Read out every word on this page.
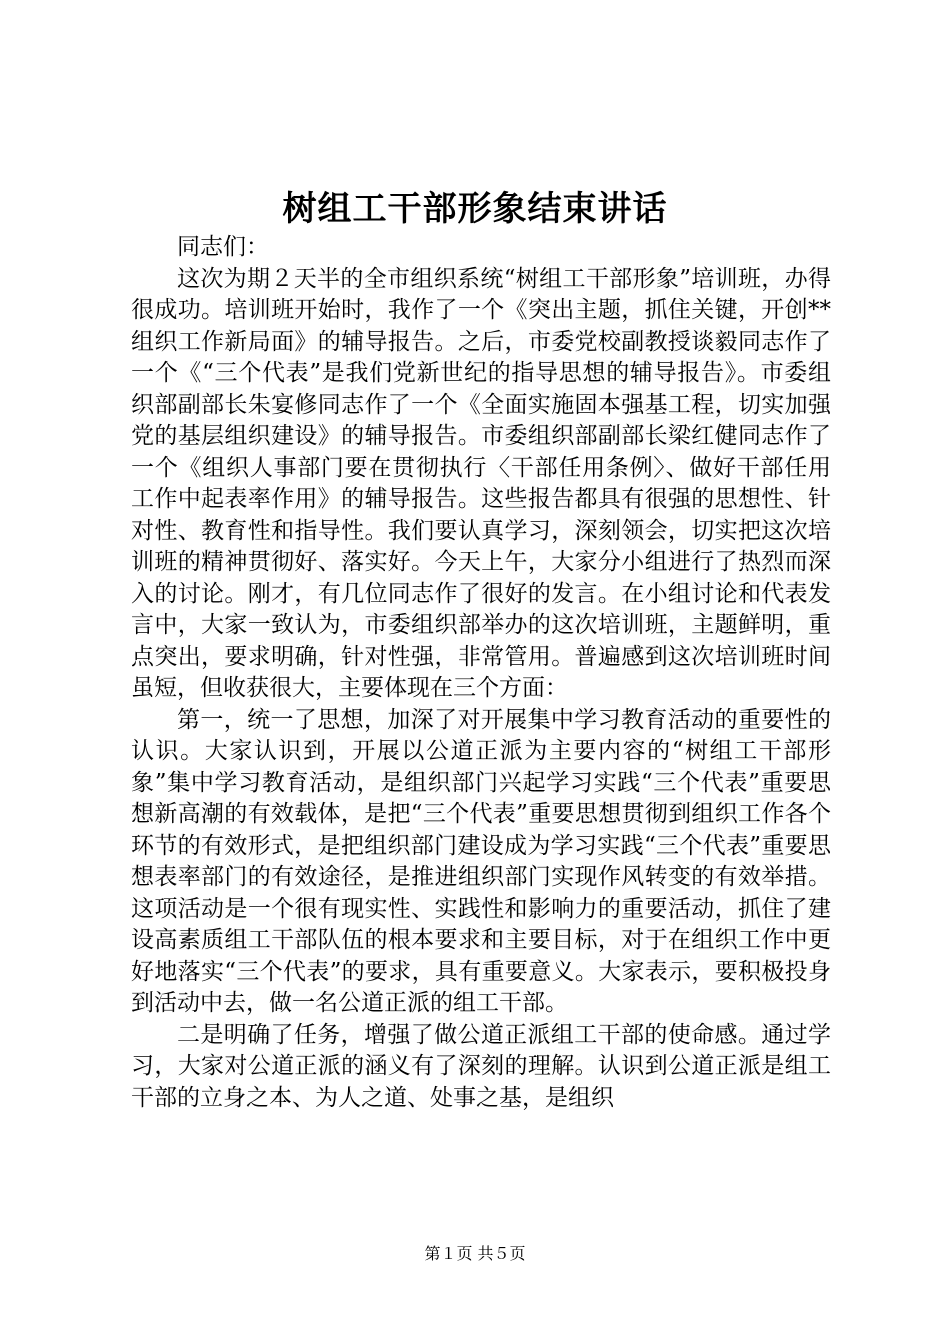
树组工干部形象结束讲话

同志们：

这次为期２天半的全市组织系统“树组工干部形象”培训班，办得很成功。培训班开始时，我作了一个《突出主题，抓住关键，开创**组织工作新局面》的辅导报告。之后，市委党校副教授谈毅同志作了一个《“三个代表”是我们党新世纪的指导思想的辅导报告》。市委组织部副部长朱宴修同志作了一个《全面实施固本强基工程，切实加强党的基层组织建设》的辅导报告。市委组织部副部长梁红健同志作了一个《组织人事部门要在贯彻执行〈干部任用条例〉、做好干部任用工作中起表率作用》的辅导报告。这些报告都具有很强的思想性、针对性、教育性和指导性。我们要认真学习，深刻领会，切实把这次培训班的精神贯彻好、落实好。今天上午，大家分小组进行了热烈而深入的讨论。刚才，有几位同志作了很好的发言。在小组讨论和代表发言中，大家一致认为，市委组织部举办的这次培训班，主题鲜明，重点突出，要求明确，针对性强，非常管用。普遍感到这次培训班时间虽短，但收获很大，主要体现在三个方面：

第一，统一了思想，加深了对开展集中学习教育活动的重要性的认识。大家认识到，开展以公道正派为主要内容的“树组工干部形象”集中学习教育活动，是组织部门兴起学习实践“三个代表”重要思想新高潮的有效载体，是把“三个代表”重要思想贯彻到组织工作各个环节的有效形式，是把组织部门建设成为学习实践“三个代表”重要思想表率部门的有效途径，是推进组织部门实现作风转变的有效举措。这项活动是一个很有现实性、实践性和影响力的重要活动，抓住了建设高素质组工干部队伍的根本要求和主要目标，对于在组织工作中更好地落实“三个代表”的要求，具有重要意义。大家表示，要积极投身到活动中去，做一名公道正派的组工干部。

二是明确了任务，增强了做公道正派组工干部的使命感。通过学习，大家对公道正派的涵义有了深刻的理解。认识到公道正派是组工干部的立身之本、为人之道、处事之基，是组织

第１页 共５页
